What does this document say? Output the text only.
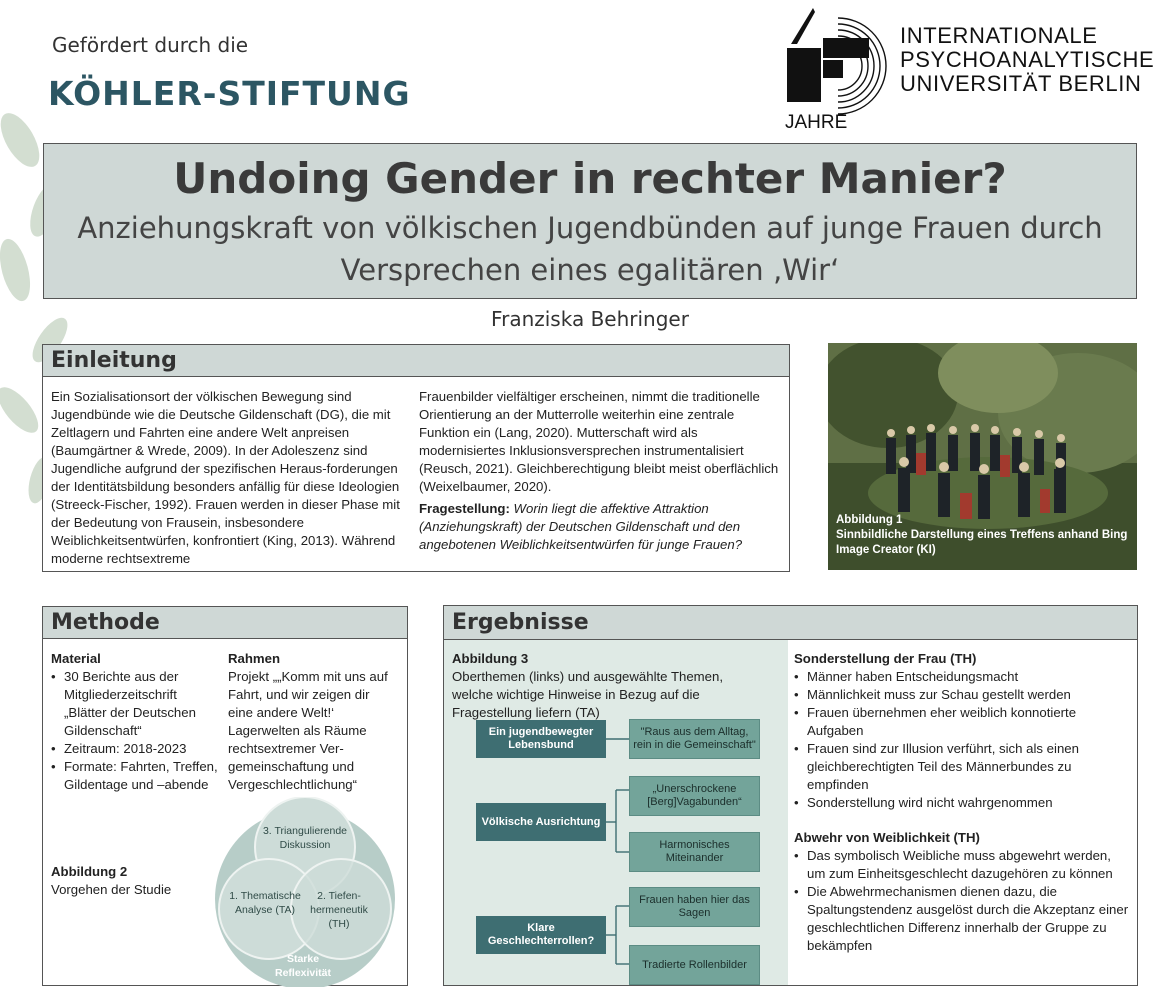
Gefördert durch die
KÖHLER-STIFTUNG
JAHRE
INTERNATIONALE
PSYCHOANALYTISCHE
UNIVERSITÄT BERLIN
Undoing Gender in rechter Manier?
Anziehungskraft von völkischen Jugendbünden auf junge Frauen durch
Versprechen eines egalitären ‚Wir‘
Franziska Behringer
Einleitung
Ein Sozialisationsort der völkischen Bewegung sind Jugendbünde wie die Deutsche Gildenschaft (DG), die mit Zeltlagern und Fahrten eine andere Welt anpreisen (Baumgärtner & Wrede, 2009). In der Adoleszenz sind Jugendliche aufgrund der spezifischen Heraus-forderungen der Identitätsbildung besonders anfällig für diese Ideologien (Streeck-Fischer, 1992). Frauen werden in dieser Phase mit der Bedeutung von Frausein, insbesondere Weiblichkeitsentwürfen, konfrontiert (King, 2013). Während moderne rechtsextreme
Frauenbilder vielfältiger erscheinen, nimmt die traditionelle Orientierung an der Mutterrolle weiterhin eine zentrale Funktion ein (Lang, 2020). Mutterschaft wird als modernisiertes Inklusionsversprechen instrumentalisiert (Reusch, 2021). Gleichberechtigung bleibt meist oberflächlich (Weixelbaumer, 2020).
Fragestellung: Worin liegt die affektive Attraktion (Anziehungskraft) der Deutschen Gildenschaft und den angebotenen Weiblichkeitsentwürfen für junge Frauen?
Abbildung 1
Sinnbildliche Darstellung eines Treffens anhand Bing Image Creator (KI)
Methode
Material
• 30 Berichte aus der Mitgliederzeitschrift „Blätter der Deutschen Gildenschaft“
• Zeitraum: 2018-2023
• Formate: Fahrten, Treffen, Gildentage und –abende
Rahmen
Projekt „„Komm mit uns auf Fahrt, und wir zeigen dir eine andere Welt!‘ Lagerwelten als Räume rechtsextremer Ver-gemeinschaftung und Vergeschlechtlichung“
Abbildung 2
Vorgehen der Studie
3. Triangulierende Diskussion
1. Thematische Analyse (TA)
2. Tiefen-hermeneutik (TH)
Starke Reflexivität
Ergebnisse
Abbildung 3
Oberthemen (links) und ausgewählte Themen, welche wichtige Hinweise in Bezug auf die Fragestellung liefern (TA)
Ein jugendbewegter Lebensbund
"Raus aus dem Alltag, rein in die Gemeinschaft"
Völkische Ausrichtung
„Unerschrockene [Berg]Vagabunden“
Harmonisches Miteinander
Klare Geschlechterrollen?
Frauen haben hier das Sagen
Tradierte Rollenbilder
Sonderstellung der Frau (TH)
• Männer haben Entscheidungsmacht
• Männlichkeit muss zur Schau gestellt werden
• Frauen übernehmen eher weiblich konnotierte Aufgaben
• Frauen sind zur Illusion verführt, sich als einen gleichberechtigten Teil des Männerbundes zu empfinden
• Sonderstellung wird nicht wahrgenommen
Abwehr von Weiblichkeit (TH)
• Das symbolisch Weibliche muss abgewehrt werden, um zum Einheitsgeschlecht dazugehören zu können
• Die Abwehrmechanismen dienen dazu, die Spaltungstendenz ausgelöst durch die Akzeptanz einer geschlechtlichen Differenz innerhalb der Gruppe zu bekämpfen
